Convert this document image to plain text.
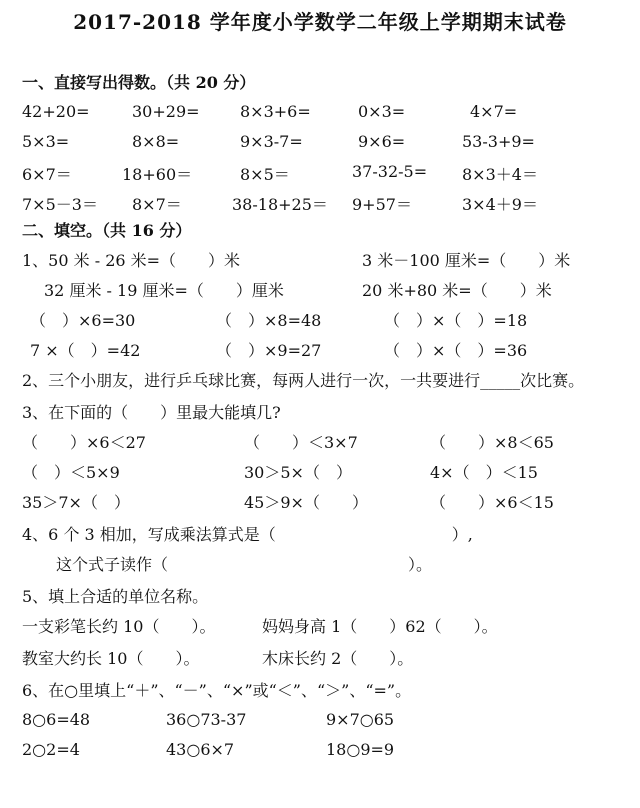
2017-2018 学年度小学数学二年级上学期期末试卷
一、直接写出得数。（共 20 分）
42+20=	30+29=	8×3+6=	0×3=	4×7=
5×3=	8×8=	9×3-7=	9×6=	53-3+9=
6×7＝	18+60＝	8×5＝	37-32-5= 8×3＋4＝
7×5－3＝ 8×7＝	38-18+25＝ 9+57＝	3×4＋9＝
二、填空。（共 16 分）
1、50 米 - 26 米=（　　）米	3 米－100 厘米=（　　）米
32 厘米 - 19 厘米=（　　）厘米	20 米+80 米=（　　）米
（　）×6=30	（　）×8=48	（　）×（　）=18
7 ×（　）=42	（　）×9=27	（　）×（　）=36
2、三个小朋友，进行乒乓球比赛，每两人进行一次，一共要进行_____次比赛。
3、在下面的（　　）里最大能填几?
（　　）×6＜27	（　　）＜3×7	（　　）×8＜65
（　）＜5×9	30＞5×（　）	4×（　）＜15
35＞7×（　）	45＞9×（　　）	（　　）×6＜15
4、6 个 3 相加，写成乘法算式是（　　　　　　　　　　　）,
这个式子读作（　　　　　　　　　　　　　　　）。
5、填上合适的单位名称。
一支彩笔长约 10（　　）。	妈妈身高 1（　　）62（　　）。
教室大约长 10（　　）。	木床长约 2（　　）。
6、在○里填上“＋”、“－”、“×”或“＜”、“＞”、“=”。
8○6=48	36○73-37	9×7○65
2○2=4	43○6×7	18○9=9
